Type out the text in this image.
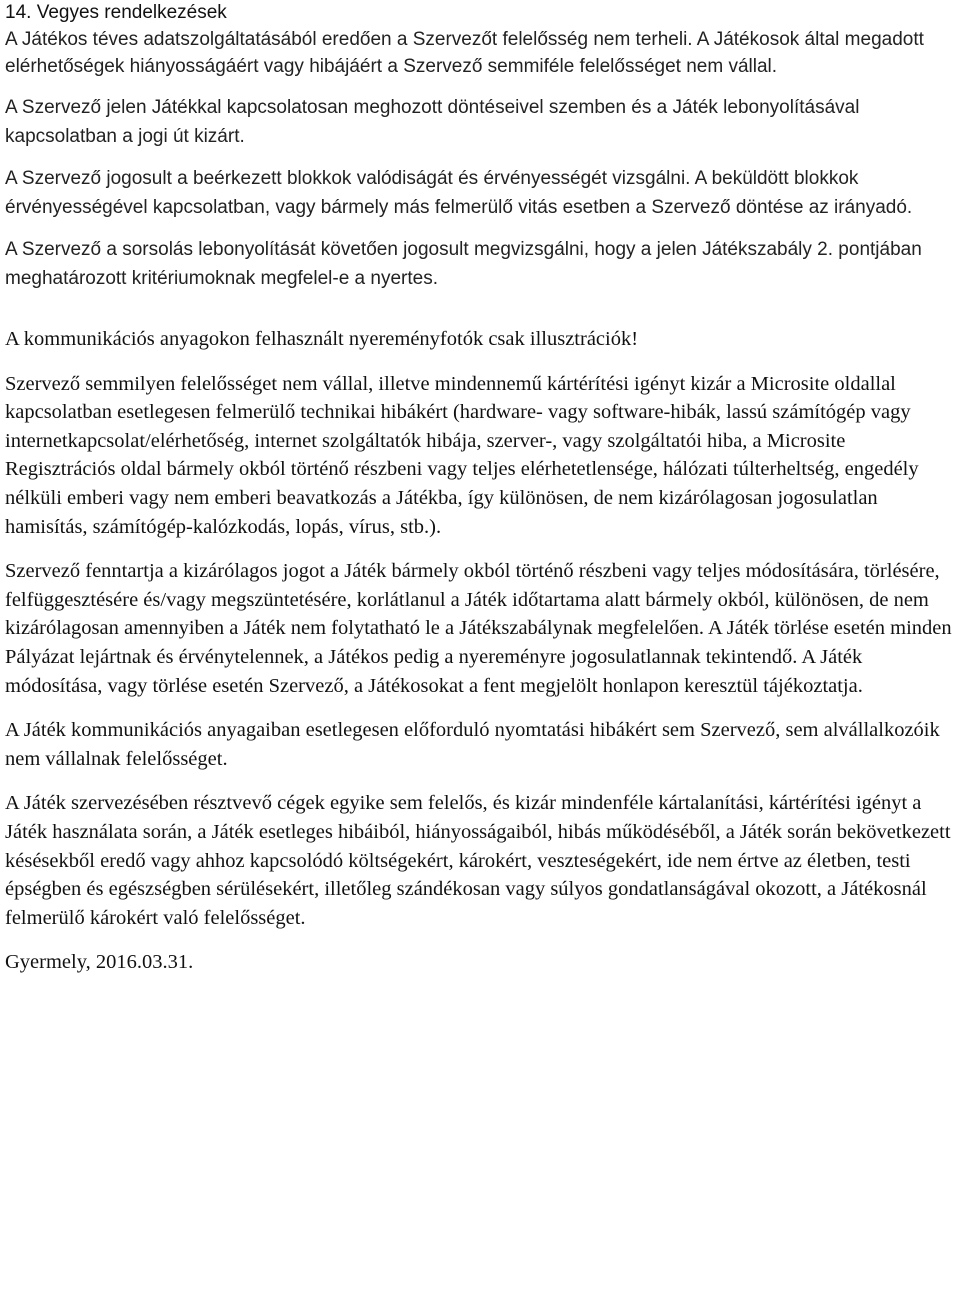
14. Vegyes rendelkezések

A Játékos téves adatszolgáltatásából eredően a Szervezőt felelősség nem terheli. A Játékosok által megadott elérhetőségek hiányosságáért vagy hibájáért a Szervező semmiféle felelősséget nem vállal.

A Szervező jelen Játékkal kapcsolatosan meghozott döntéseivel szemben és a Játék lebonyolításával kapcsolatban a jogi út kizárt.

A Szervező jogosult a beérkezett blokkok valódiságát és érvényességét vizsgálni. A beküldött blokkok érvényességével kapcsolatban, vagy bármely más felmerülő vitás esetben a Szervező döntése az irányadó.

A Szervező a sorsolás lebonyolítását követően jogosult megvizsgálni, hogy a jelen Játékszabály 2. pontjában meghatározott kritériumoknak megfelel-e a nyertes.

A kommunikációs anyagokon felhasznált nyereményfotók csak illusztrációk!

Szervező semmilyen felelősséget nem vállal, illetve mindennemű kártérítési igényt kizár a Microsite oldallal kapcsolatban esetlegesen felmerülő technikai hibákért (hardware- vagy software-hibák, lassú számítógép vagy internetkapcsolat/elérhetőség, internet szolgáltatók hibája, szerver-, vagy szolgáltatói hiba, a Microsite Regisztrációs oldal bármely okból történő részbeni vagy teljes elérhetetlensége, hálózati túlterheltség, engedély nélküli emberi vagy nem emberi beavatkozás a Játékba, így különösen, de nem kizárólagosan jogosulatlan hamisítás, számítógép-kalózkodás, lopás, vírus, stb.).

Szervező fenntartja a kizárólagos jogot a Játék bármely okból történő részbeni vagy teljes módosítására, törlésére, felfüggesztésére és/vagy megszüntetésére, korlátlanul a Játék időtartama alatt bármely okból, különösen, de nem kizárólagosan amennyiben a Játék nem folytatható le a Játékszabálynak megfelelően. A Játék törlése esetén minden Pályázat lejártnak és érvénytelennek, a Játékos pedig a nyereményre jogosulatlannak tekintendő. A Játék módosítása, vagy törlése esetén Szervező, a Játékosokat a fent megjelölt honlapon keresztül tájékoztatja.

A Játék kommunikációs anyagaiban esetlegesen előforduló nyomtatási hibákért sem Szervező, sem alvállalkozóik nem vállalnak felelősséget.

A Játék szervezésében résztvevő cégek egyike sem felelős, és kizár mindenféle kártalanítási, kártérítési igényt a Játék használata során, a Játék esetleges hibáiból, hiányosságaiból, hibás működéséből, a Játék során bekövetkezett késésekből eredő vagy ahhoz kapcsolódó költségekért, károkért, veszteségekért, ide nem értve az életben, testi épségben és egészségben sérülésekért, illetőleg szándékosan vagy súlyos gondatlanságával okozott, a Játékosnál felmerülő károkért való felelősséget.

Gyermely, 2016.03.31.
